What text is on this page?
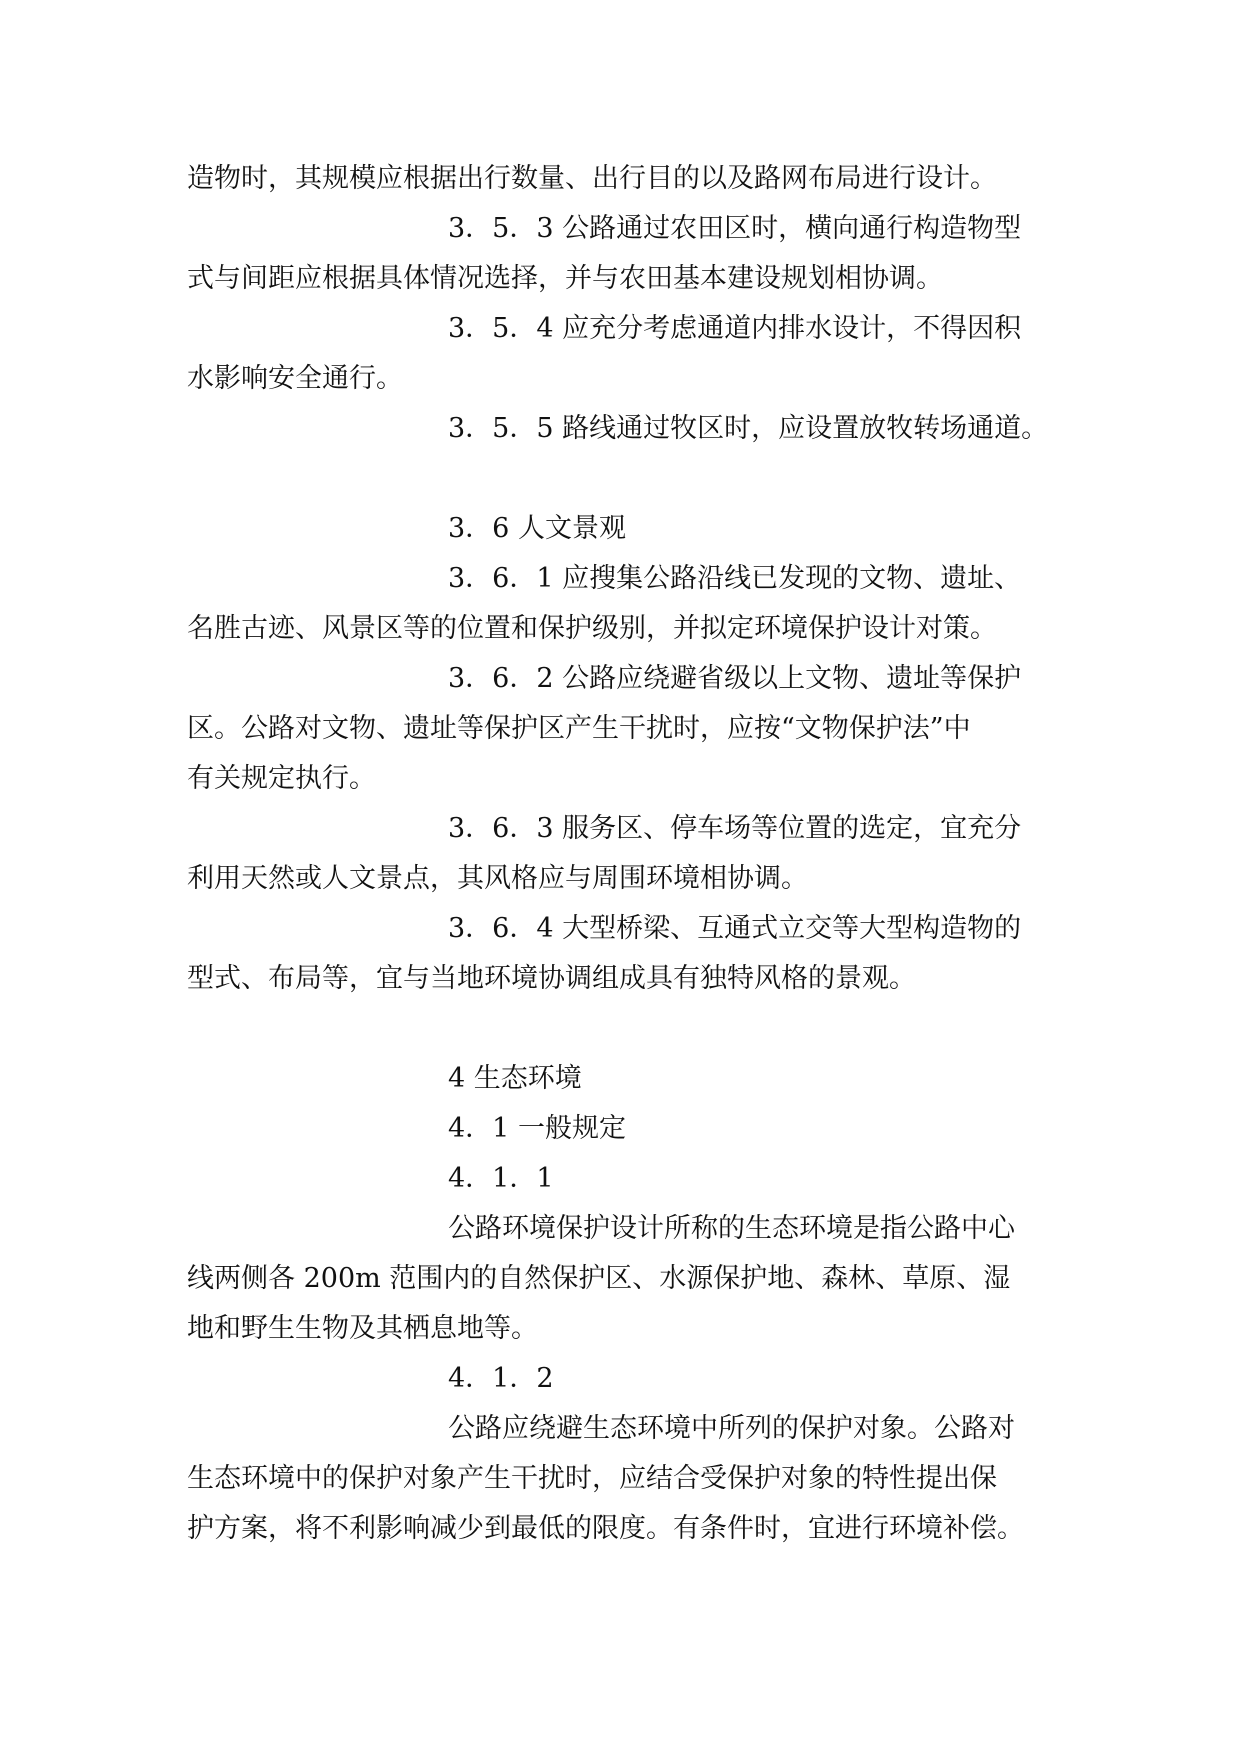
造物时，其规模应根据出行数量、出行目的以及路网布局进行设计。
3．5．3 公路通过农田区时，横向通行构造物型
式与间距应根据具体情况选择，并与农田基本建设规划相协调。
3．5．4 应充分考虑通道内排水设计，不得因积
水影响安全通行。
3．5．5 路线通过牧区时，应设置放牧转场通道。
3．6 人文景观
3．6．1 应搜集公路沿线已发现的文物、遗址、
名胜古迹、风景区等的位置和保护级别，并拟定环境保护设计对策。
3．6．2 公路应绕避省级以上文物、遗址等保护
区。公路对文物、遗址等保护区产生干扰时，应按“文物保护法”中
有关规定执行。
3．6．3 服务区、停车场等位置的选定，宜充分
利用天然或人文景点，其风格应与周围环境相协调。
3．6．4 大型桥梁、互通式立交等大型构造物的
型式、布局等，宜与当地环境协调组成具有独特风格的景观。
4 生态环境
4．1 一般规定
4．1．1
公路环境保护设计所称的生态环境是指公路中心
线两侧各 200m 范围内的自然保护区、水源保护地、森林、草原、湿
地和野生生物及其栖息地等。
4．1．2
公路应绕避生态环境中所列的保护对象。公路对
生态环境中的保护对象产生干扰时，应结合受保护对象的特性提出保
护方案，将不利影响减少到最低的限度。有条件时，宜进行环境补偿。
